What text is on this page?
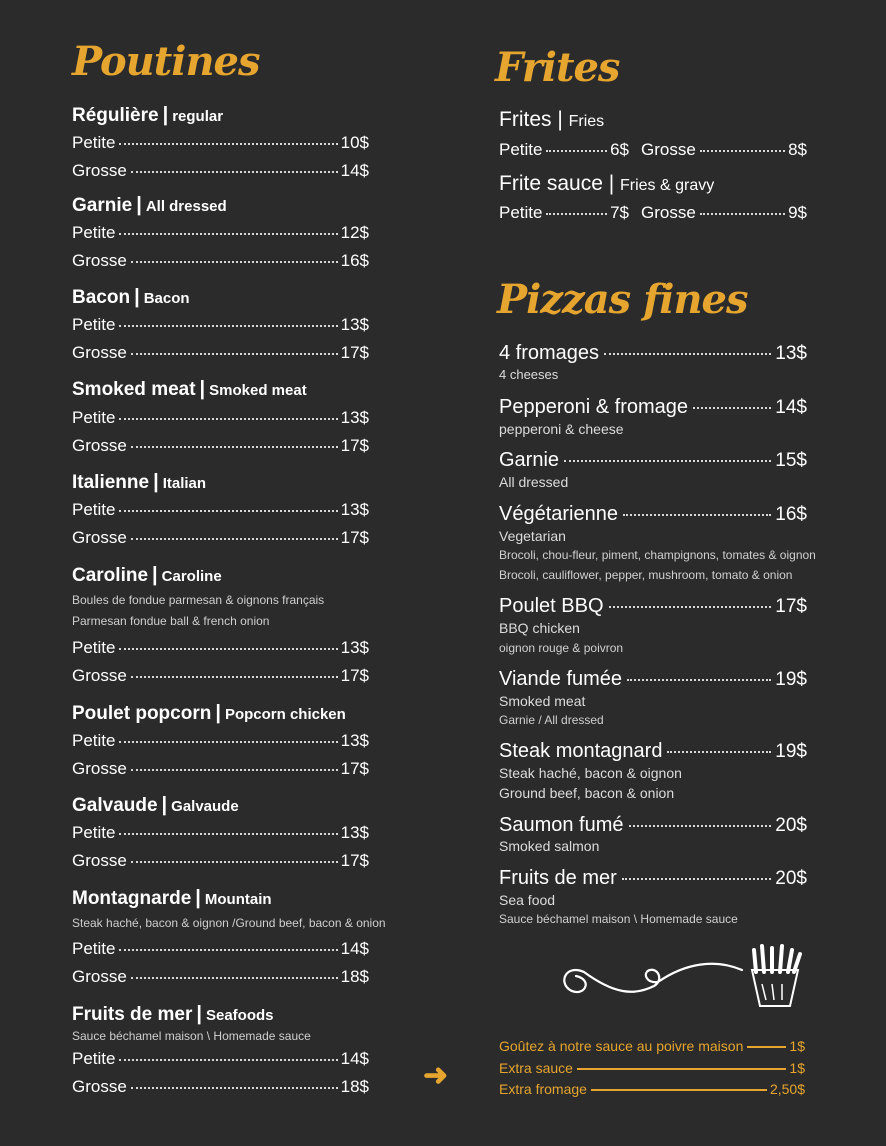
Poutines
Régulière | regular
Petite	10$
Grosse	14$
Garnie | All dressed
Petite	12$
Grosse	16$
Bacon | Bacon
Petite	13$
Grosse	17$
Smoked meat | Smoked meat
Petite	13$
Grosse	17$
Italienne | Italian
Petite	13$
Grosse	17$
Caroline | Caroline
Boules de fondue parmesan & oignons français
Parmesan fondue ball & french onion
Petite	13$
Grosse	17$
Poulet popcorn | Popcorn chicken
Petite	13$
Grosse	17$
Galvaude | Galvaude
Petite	13$
Grosse	17$
Montagnarde | Mountain
Steak haché, bacon & oignon /Ground beef, bacon & onion
Petite	14$
Grosse	18$
Fruits de mer | Seafoods
Sauce béchamel maison \ Homemade sauce
Petite	14$
Grosse	18$
Frites
Frites | Fries
Petite	6$ Grosse	8$
Frite sauce | Fries & gravy
Petite	7$ Grosse	9$
Pizzas fines
4 fromages	13$
4 cheeses
Pepperoni & fromage	14$
pepperoni & cheese
Garnie	15$
All dressed
Végétarienne	16$
Vegetarian
Brocoli, chou-fleur, piment, champignons, tomates & oignon
Brocoli, cauliflower, pepper, mushroom, tomato & onion
Poulet BBQ	17$
BBQ chicken
oignon rouge & poivron
Viande fumée	19$
Smoked meat
Garnie / All dressed
Steak montagnard	19$
Steak haché, bacon & oignon
Ground beef, bacon & onion
Saumon fumé	20$
Smoked salmon
Fruits de mer	20$
Sea food
Sauce béchamel maison \ Homemade sauce
➜
Goûtez à notre sauce au poivre maison	1$
Extra sauce	1$
Extra fromage	2,50$
